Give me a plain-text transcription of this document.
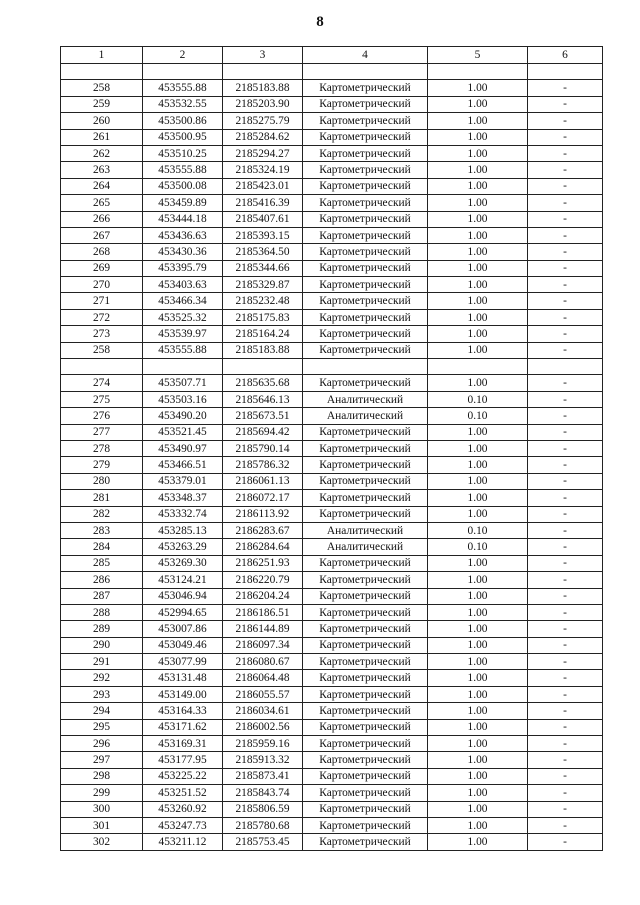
8
1	2	3	4	5	6

258	453555.88	2185183.88	Картометрический	1.00	-
259	453532.55	2185203.90	Картометрический	1.00	-
260	453500.86	2185275.79	Картометрический	1.00	-
261	453500.95	2185284.62	Картометрический	1.00	-
262	453510.25	2185294.27	Картометрический	1.00	-
263	453555.88	2185324.19	Картометрический	1.00	-
264	453500.08	2185423.01	Картометрический	1.00	-
265	453459.89	2185416.39	Картометрический	1.00	-
266	453444.18	2185407.61	Картометрический	1.00	-
267	453436.63	2185393.15	Картометрический	1.00	-
268	453430.36	2185364.50	Картометрический	1.00	-
269	453395.79	2185344.66	Картометрический	1.00	-
270	453403.63	2185329.87	Картометрический	1.00	-
271	453466.34	2185232.48	Картометрический	1.00	-
272	453525.32	2185175.83	Картометрический	1.00	-
273	453539.97	2185164.24	Картометрический	1.00	-
258	453555.88	2185183.88	Картометрический	1.00	-

274	453507.71	2185635.68	Картометрический	1.00	-
275	453503.16	2185646.13	Аналитический	0.10	-
276	453490.20	2185673.51	Аналитический	0.10	-
277	453521.45	2185694.42	Картометрический	1.00	-
278	453490.97	2185790.14	Картометрический	1.00	-
279	453466.51	2185786.32	Картометрический	1.00	-
280	453379.01	2186061.13	Картометрический	1.00	-
281	453348.37	2186072.17	Картометрический	1.00	-
282	453332.74	2186113.92	Картометрический	1.00	-
283	453285.13	2186283.67	Аналитический	0.10	-
284	453263.29	2186284.64	Аналитический	0.10	-
285	453269.30	2186251.93	Картометрический	1.00	-
286	453124.21	2186220.79	Картометрический	1.00	-
287	453046.94	2186204.24	Картометрический	1.00	-
288	452994.65	2186186.51	Картометрический	1.00	-
289	453007.86	2186144.89	Картометрический	1.00	-
290	453049.46	2186097.34	Картометрический	1.00	-
291	453077.99	2186080.67	Картометрический	1.00	-
292	453131.48	2186064.48	Картометрический	1.00	-
293	453149.00	2186055.57	Картометрический	1.00	-
294	453164.33	2186034.61	Картометрический	1.00	-
295	453171.62	2186002.56	Картометрический	1.00	-
296	453169.31	2185959.16	Картометрический	1.00	-
297	453177.95	2185913.32	Картометрический	1.00	-
298	453225.22	2185873.41	Картометрический	1.00	-
299	453251.52	2185843.74	Картометрический	1.00	-
300	453260.92	2185806.59	Картометрический	1.00	-
301	453247.73	2185780.68	Картометрический	1.00	-
302	453211.12	2185753.45	Картометрический	1.00	-
